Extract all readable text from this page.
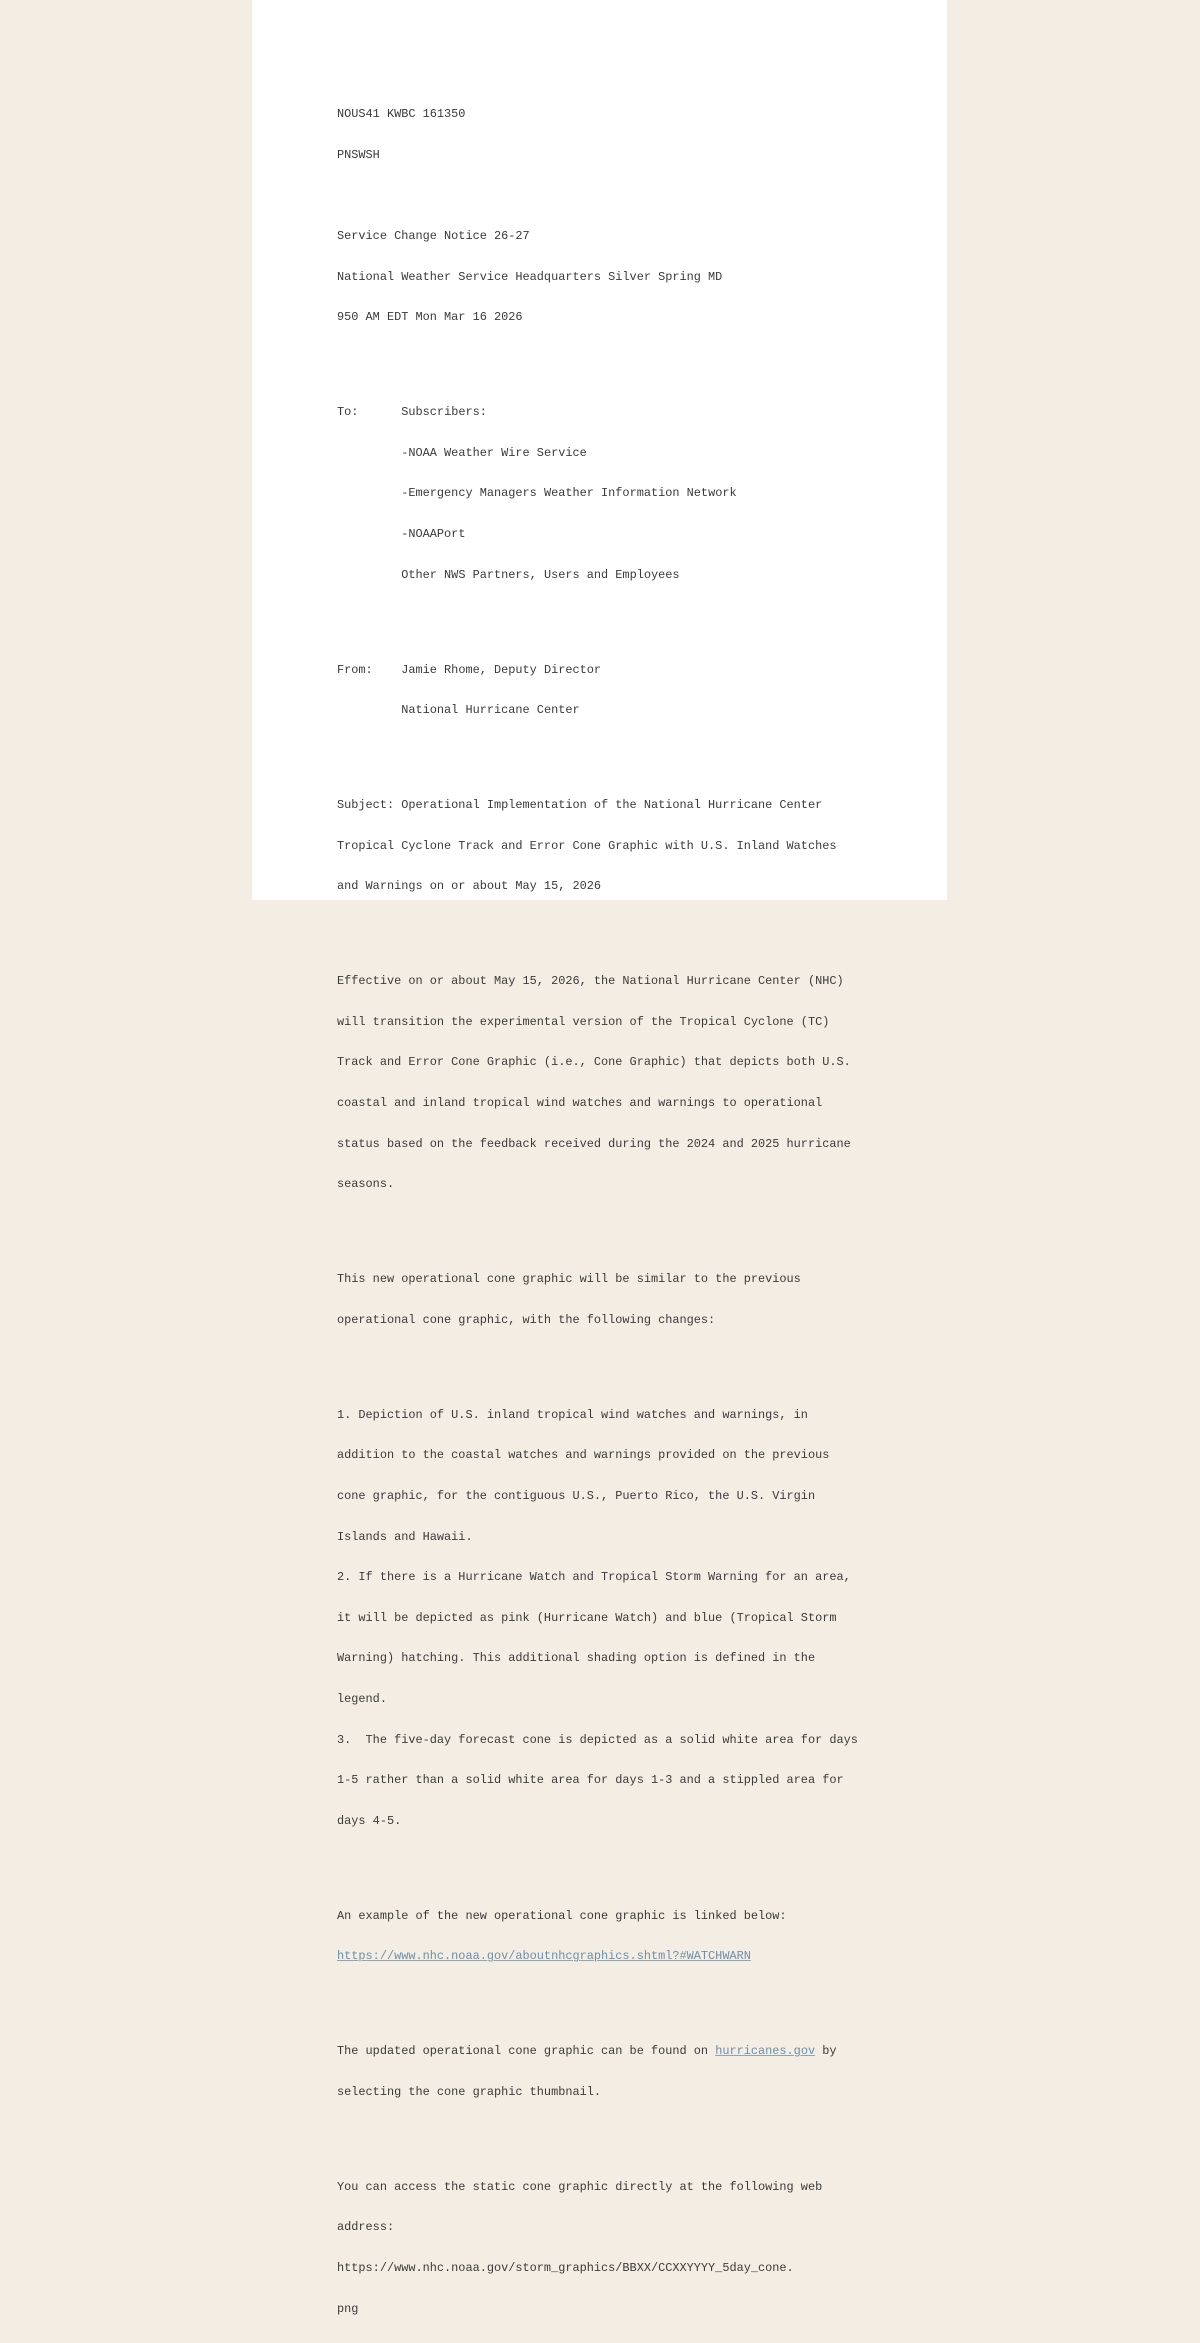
NOUS41 KWBC 161350

PNSWSH

Service Change Notice 26-27

National Weather Service Headquarters Silver Spring MD

950 AM EDT Mon Mar 16 2026

To:	Subscribers:

-NOAA Weather Wire Service

-Emergency Managers Weather Information Network

-NOAAPort

Other NWS Partners, Users and Employees

From: Jamie Rhome, Deputy Director

National Hurricane Center

Subject: Operational Implementation of the National Hurricane Center

Tropical Cyclone Track and Error Cone Graphic with U.S. Inland Watches

and Warnings on or about May 15, 2026

Effective on or about May 15, 2026, the National Hurricane Center (NHC)

will transition the experimental version of the Tropical Cyclone (TC)

Track and Error Cone Graphic (i.e., Cone Graphic) that depicts both U.S.

coastal and inland tropical wind watches and warnings to operational

status based on the feedback received during the 2024 and 2025 hurricane

seasons.

This new operational cone graphic will be similar to the previous

operational cone graphic, with the following changes:

1. Depiction of U.S. inland tropical wind watches and warnings, in

addition to the coastal watches and warnings provided on the previous

cone graphic, for the contiguous U.S., Puerto Rico, the U.S. Virgin

Islands and Hawaii.

2. If there is a Hurricane Watch and Tropical Storm Warning for an area,

it will be depicted as pink (Hurricane Watch) and blue (Tropical Storm

Warning) hatching. This additional shading option is defined in the

legend.

3.  The five-day forecast cone is depicted as a solid white area for days

1-5 rather than a solid white area for days 1-3 and a stippled area for

days 4-5.

An example of the new operational cone graphic is linked below:

https://www.nhc.noaa.gov/aboutnhcgraphics.shtml?#WATCHWARN

The updated operational cone graphic can be found on hurricanes.gov by

selecting the cone graphic thumbnail.

You can access the static cone graphic directly at the following web

address:

https://www.nhc.noaa.gov/storm_graphics/BBXX/CCXXYYYY_5day_cone.

png
